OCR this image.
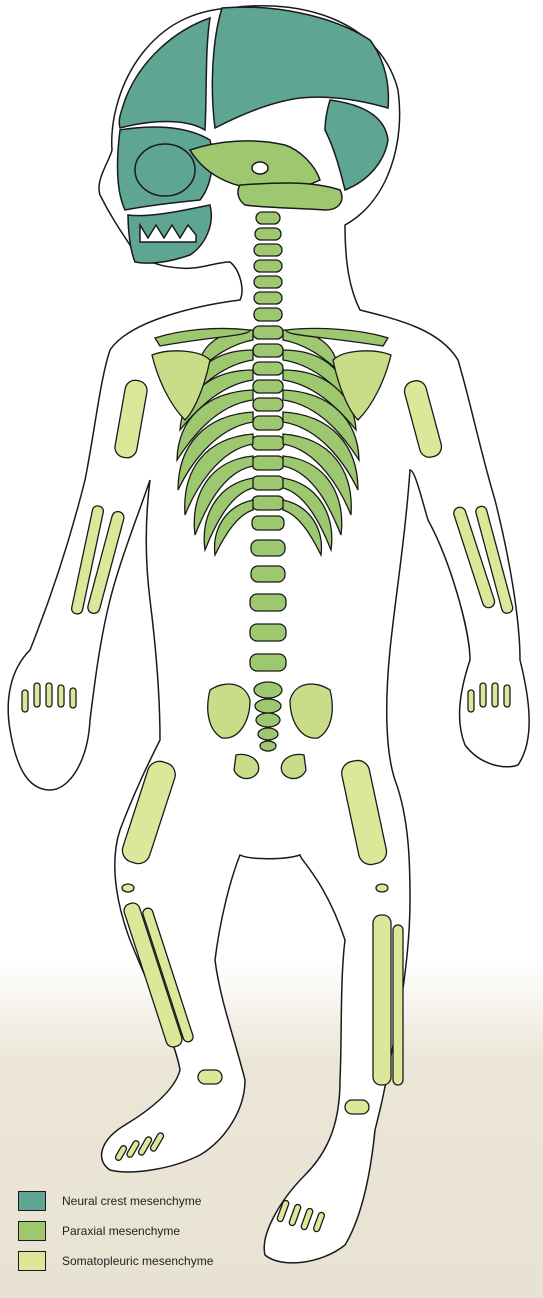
Neural crest mesenchyme
Paraxial mesenchyme
Somatopleuric mesenchyme
